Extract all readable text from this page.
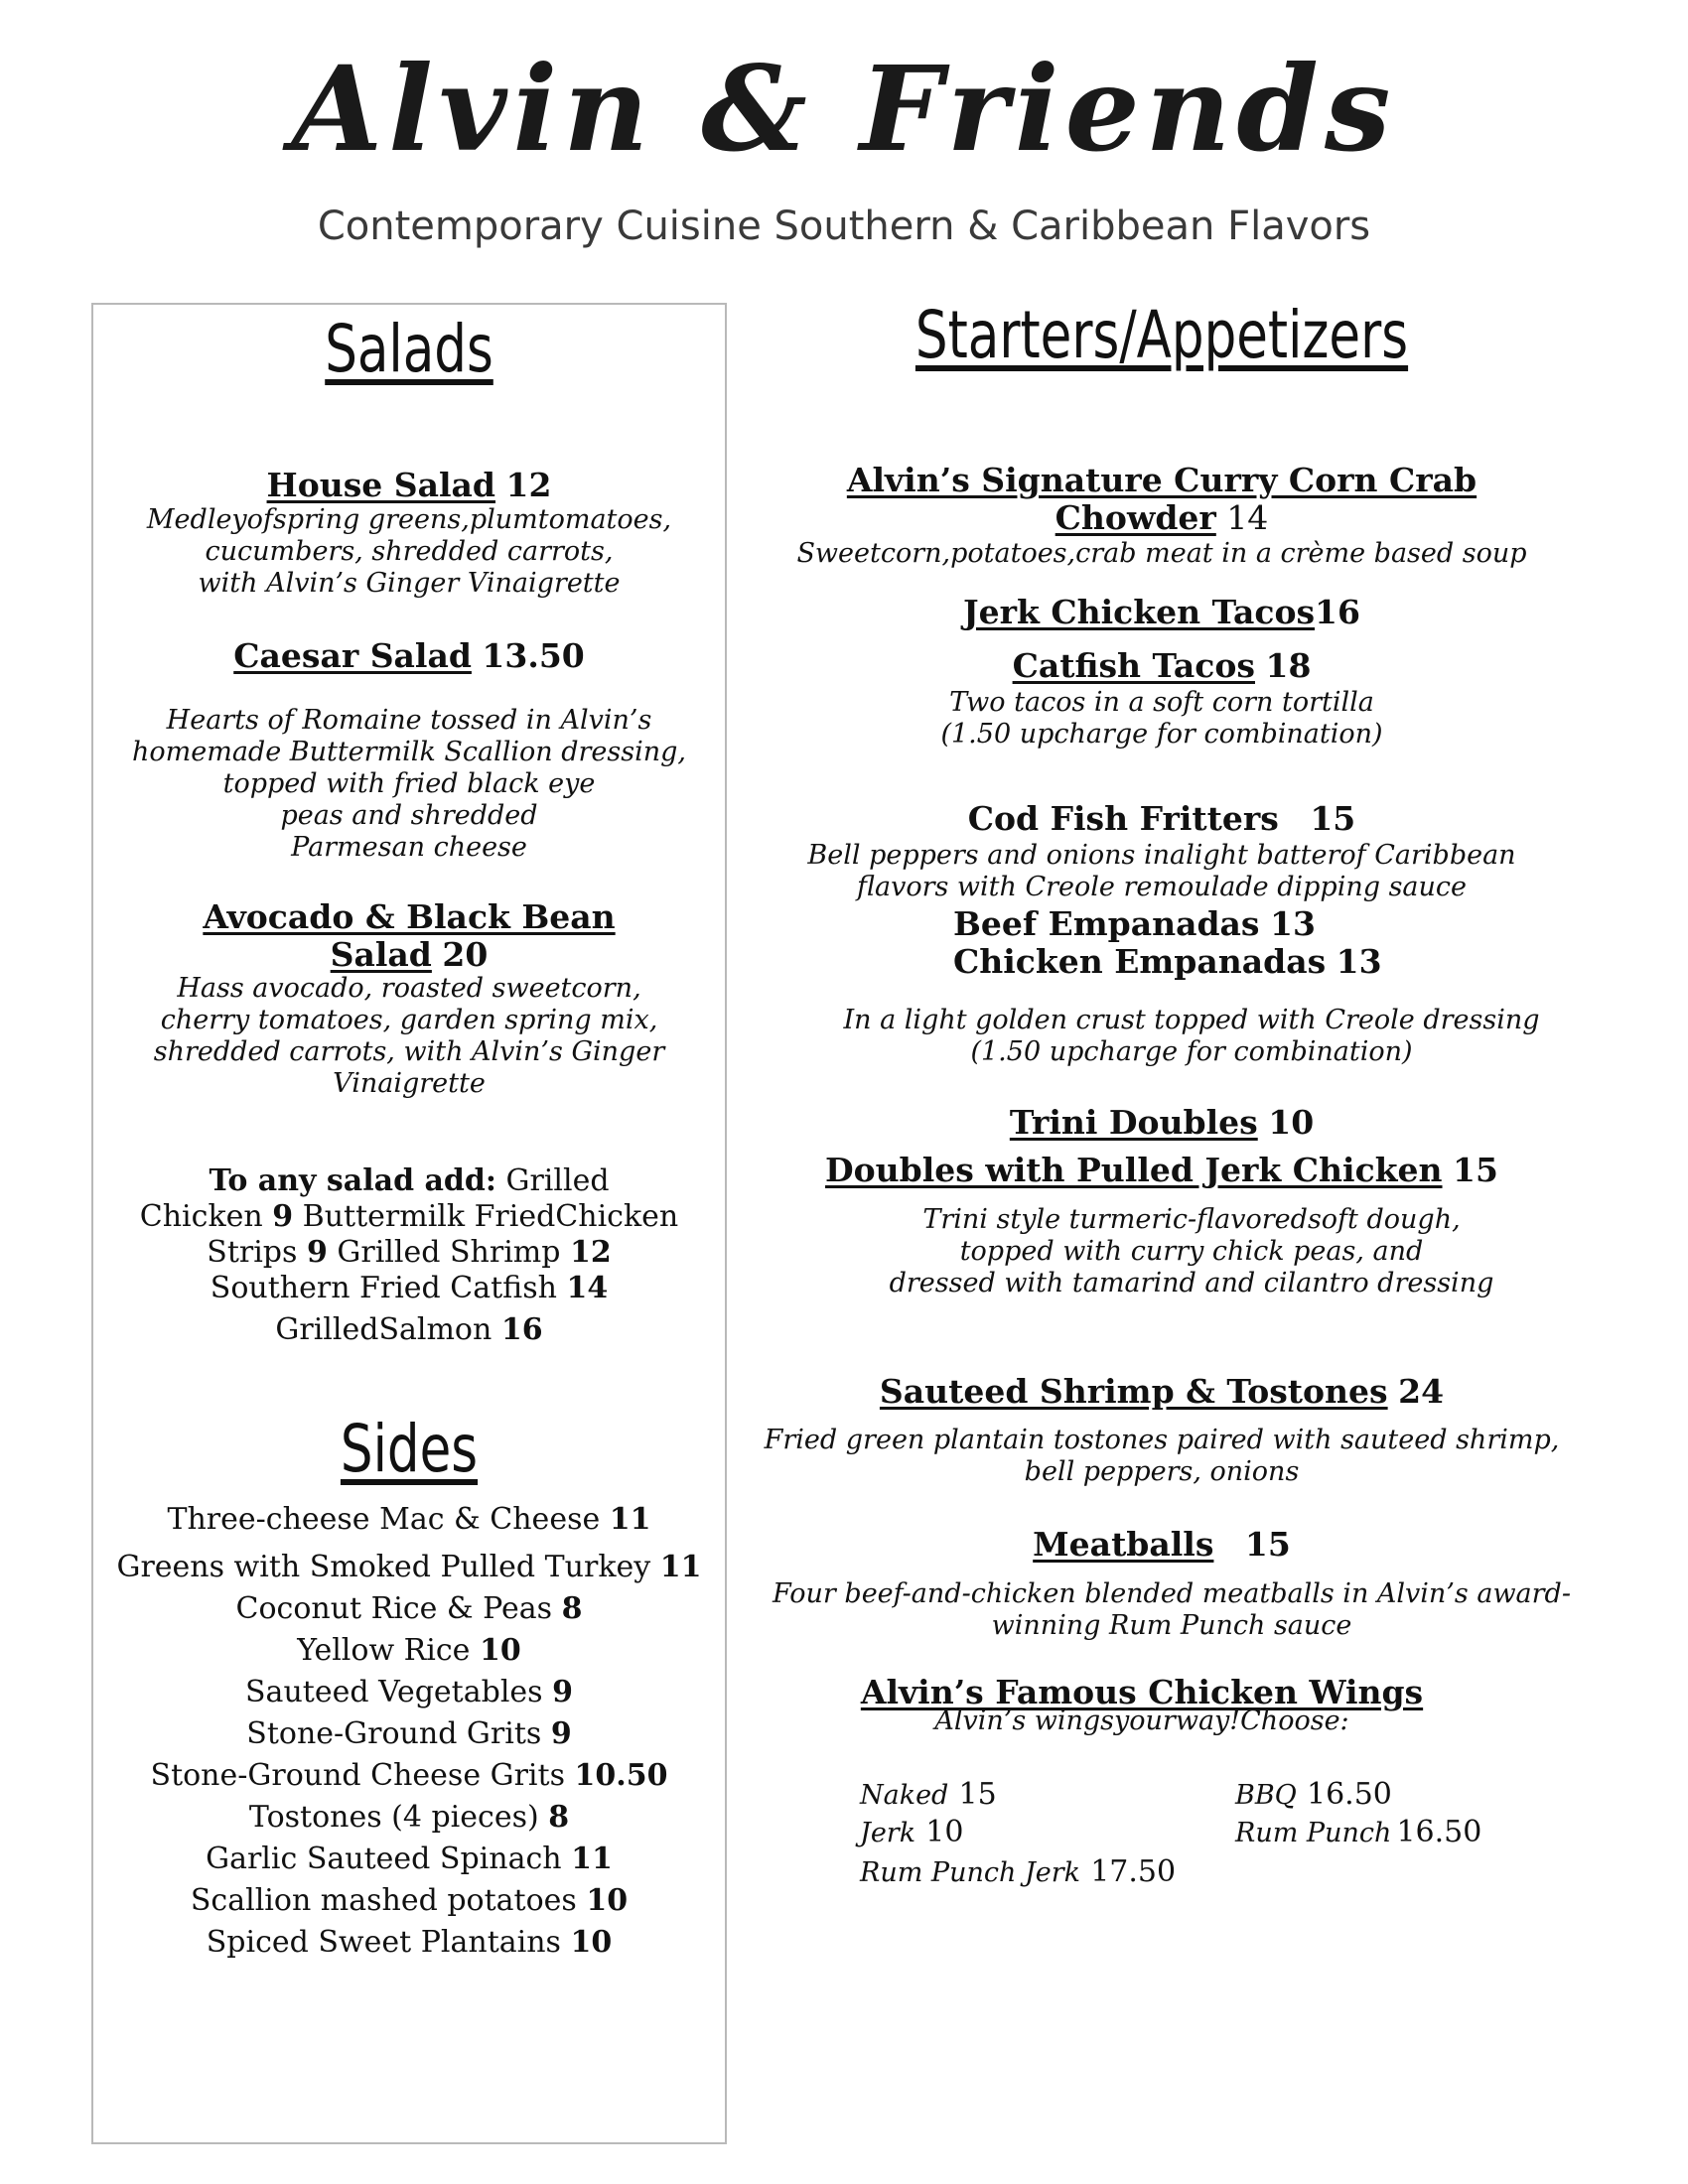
Alvin & Friends
Contemporary Cuisine Southern & Caribbean Flavors
Salads
House Salad 12
Medleyofspring greens,plumtomatoes,
cucumbers, shredded carrots,
with Alvin’s Ginger Vinaigrette
Caesar Salad 13.50
Hearts of Romaine tossed in Alvin’s
homemade Buttermilk Scallion dressing,
topped with fried black eye
peas and shredded
Parmesan cheese
Avocado & Black Bean
Salad 20
Hass avocado, roasted sweetcorn,
cherry tomatoes, garden spring mix,
shredded carrots, with Alvin’s Ginger
Vinaigrette
To any salad add: Grilled
Chicken 9 Buttermilk FriedChicken
Strips 9 Grilled Shrimp 12
Southern Fried Catfish 14
GrilledSalmon 16
Sides
Three-cheese Mac & Cheese 11
Greens with Smoked Pulled Turkey 11
Coconut Rice & Peas 8
Yellow Rice 10
Sauteed Vegetables 9
Stone-Ground Grits 9
Stone-Ground Cheese Grits 10.50
Tostones (4 pieces) 8
Garlic Sauteed Spinach 11
Scallion mashed potatoes 10
Spiced Sweet Plantains 10
Starters/Appetizers
Alvin’s Signature Curry Corn Crab
Chowder 14
Sweetcorn,potatoes,crab meat in a crème based soup
Jerk Chicken Tacos16
Catfish Tacos 18
Two tacos in a soft corn tortilla
(1.50 upcharge for combination)
Cod Fish Fritters 15
Bell peppers and onions inalight batterof Caribbean
flavors with Creole remoulade dipping sauce
Beef Empanadas 13
Chicken Empanadas 13
In a light golden crust topped with Creole dressing
(1.50 upcharge for combination)
Trini Doubles 10
Doubles with Pulled Jerk Chicken 15
Trini style turmeric-flavoredsoft dough,
topped with curry chick peas, and
dressed with tamarind and cilantro dressing
Sauteed Shrimp & Tostones 24
Fried green plantain tostones paired with sauteed shrimp,
bell peppers, onions
Meatballs 15
Four beef-and-chicken blended meatballs in Alvin’s award-
winning Rum Punch sauce
Alvin’s Famous Chicken Wings
Alvin’s wingsyourway!Choose:
Naked 15	BBQ 16.50
Jerk 10	Rum Punch 16.50
Rum Punch Jerk 17.50
